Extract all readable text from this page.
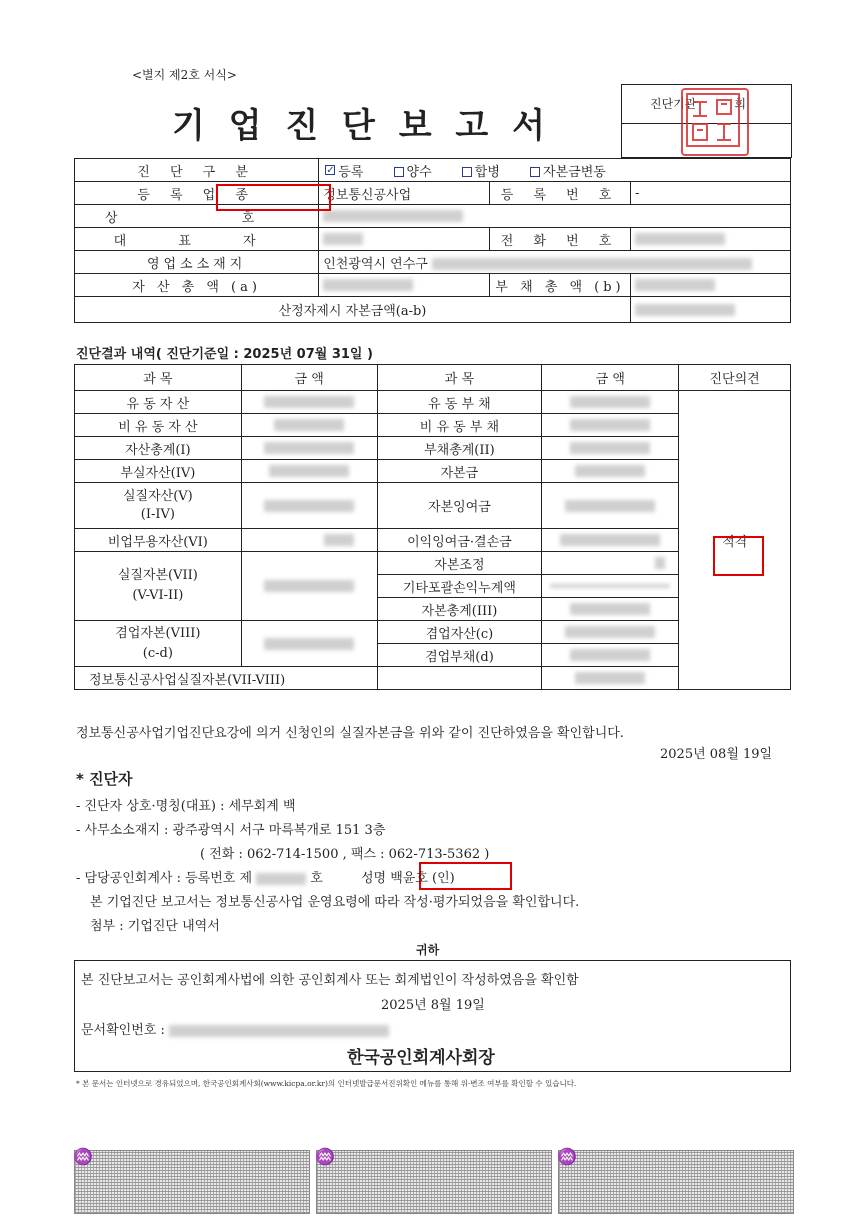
<별지 제2호 서식>
기 업 진 단 보 고 서
진단기관	회
진 단 구 분	✓등록 양수 합병 자본금변동
등 록 업 종	정보통신공사업	등 록 번 호	-
상 호			
대 표 자		전 화 번 호	
영업소소재지	인천광역시 연수구		
자 산 총 액 (a)		부 채 총 액 (b)	
산정자제시 자본금액(a-b)			
진단결과 내역( 진단기준일 : 2025년 07월 31일 )
과 목	금 액	과 목	금 액	진단의견
유 동 자 산		유 동 부 채		적격
비 유 동 자 산		비 유 동 부 채		
자산총계(I)		부채총계(II)		
부실자산(IV)		자본금		
실질자산(V)
(I-IV)		자본잉여금		
비업무용자산(VI)		이익잉여금·결손금		
실질자본(VII)
(V-VI-II)		자본조정		
		기타포괄손익누계액		
		자본총계(III)		
겸업자본(VIII)
(c-d)		겸업자산(c)		
		겸업부채(d)		
정보통신공사업실질자본(VII-VIII)				
정보통신공사업기업진단요강에 의거 신청인의 실질자본금을 위와 같이 진단하였음을 확인합니다.
2025년 08월 19일
* 진단자
- 진단자 상호·명칭(대표) : 세무회계 백
- 사무소소재지 : 광주광역시 서구 마륵복개로 151 3층
( 전화 : 062-714-1500 , 팩스 : 062-713-5362 )
- 담당공인회계사 : 등록번호 제	호	성명 백윤호 (인)
본 기업진단 보고서는 정보통신공사업 운영요령에 따라 작성·평가되었음을 확인합니다.
첨부 : 기업진단 내역서
귀하
본 진단보고서는 공인회계사법에 의한 공인회계사 또는 회계법인이 작성하였음을 확인함
2025년 8월 19일
문서확인번호 :
한국공인회계사회장
* 본 문서는 인터넷으로 경유되었으며, 한국공인회계사회(www.kicpa.or.kr)의 인터넷발급문서진위확인 메뉴를 통해 위·변조 여부를 확인할 수 있습니다.
♒	♒	♒
